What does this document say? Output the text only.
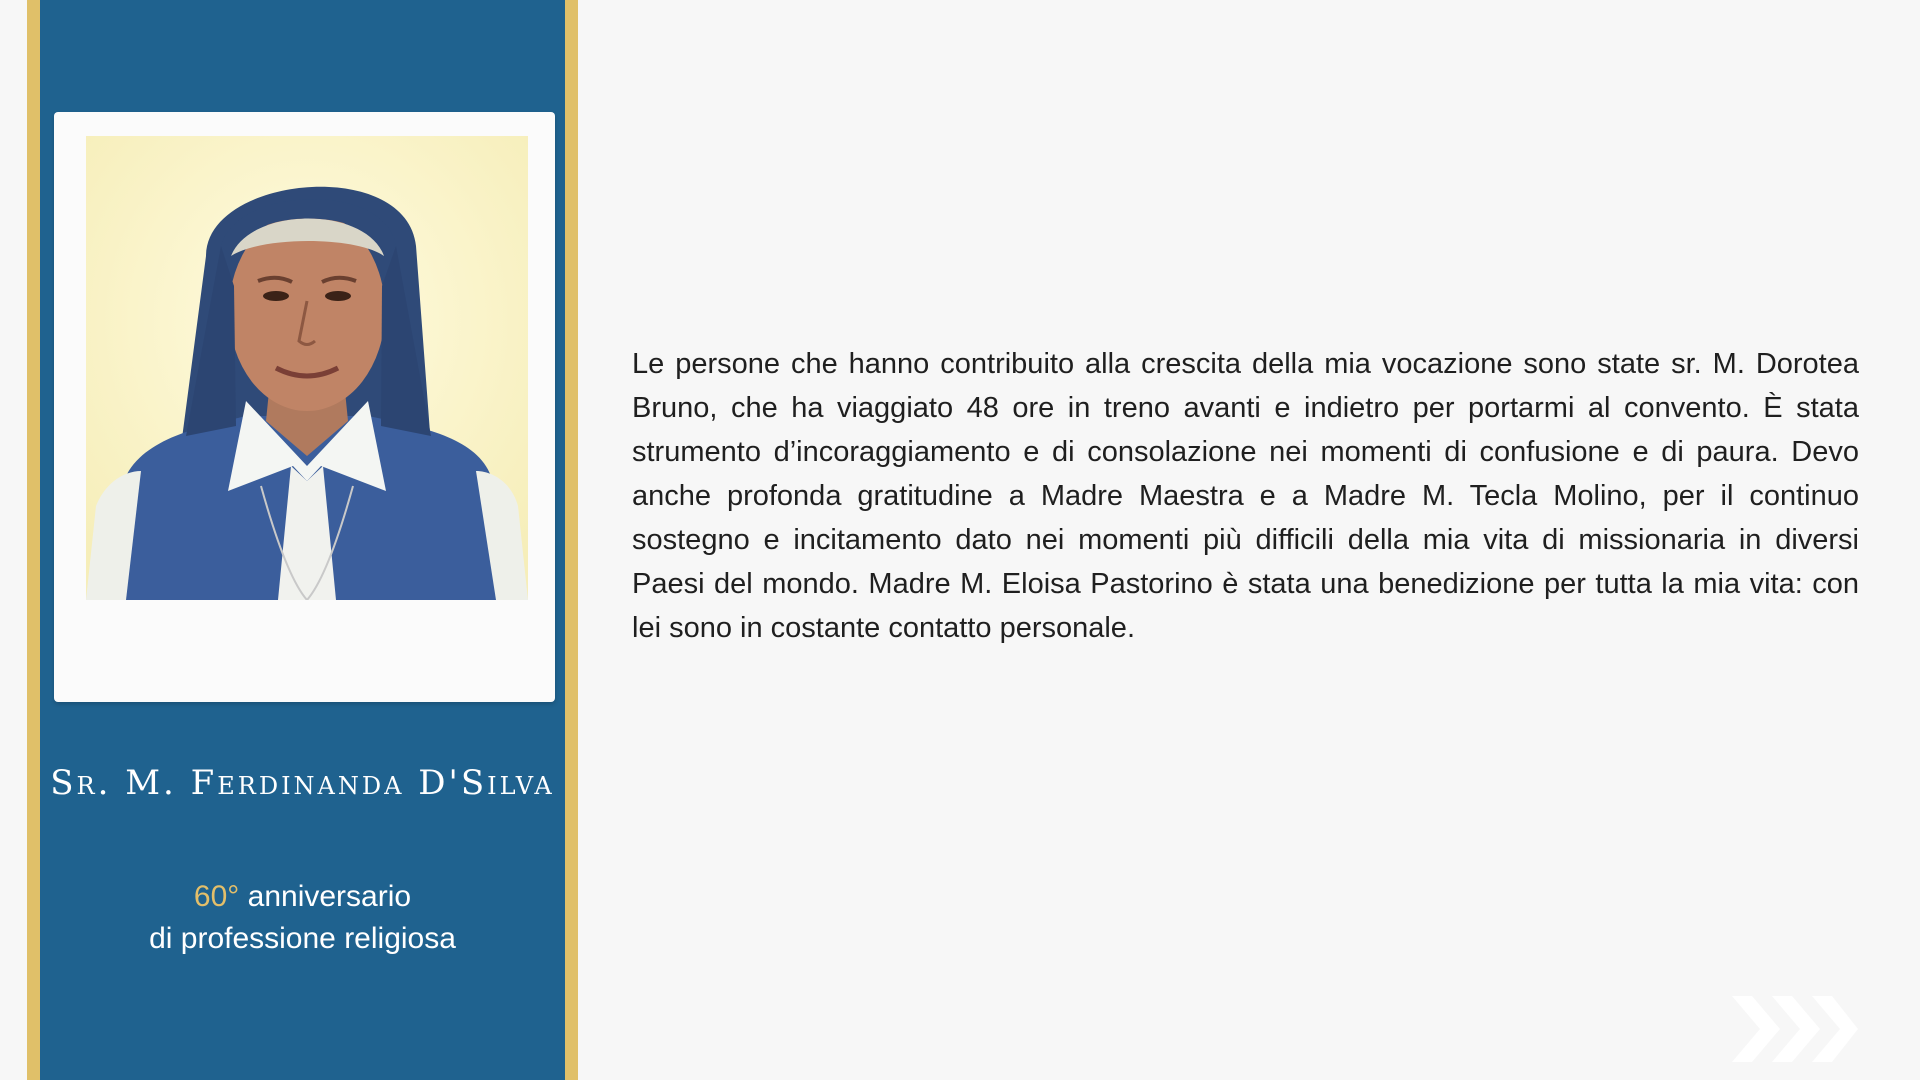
Sr. M. Ferdinanda D'Silva
60° anniversario
di professione religiosa
Le persone che hanno contribuito alla crescita della mia vocazione sono state sr. M. Dorotea Bruno, che ha viaggiato 48 ore in treno avanti e indietro per portarmi al convento. È stata strumento d’incoraggiamento e di consolazione nei momenti di confusione e di paura. Devo anche profonda gratitudine a Madre Maestra e a Madre M. Tecla Molino, per il continuo sostegno e incitamento dato nei momenti più difficili della mia vita di missionaria in diversi Paesi del mondo. Madre M. Eloisa Pastorino è stata una benedizione per tutta la mia vita: con lei sono in costante contatto personale.
